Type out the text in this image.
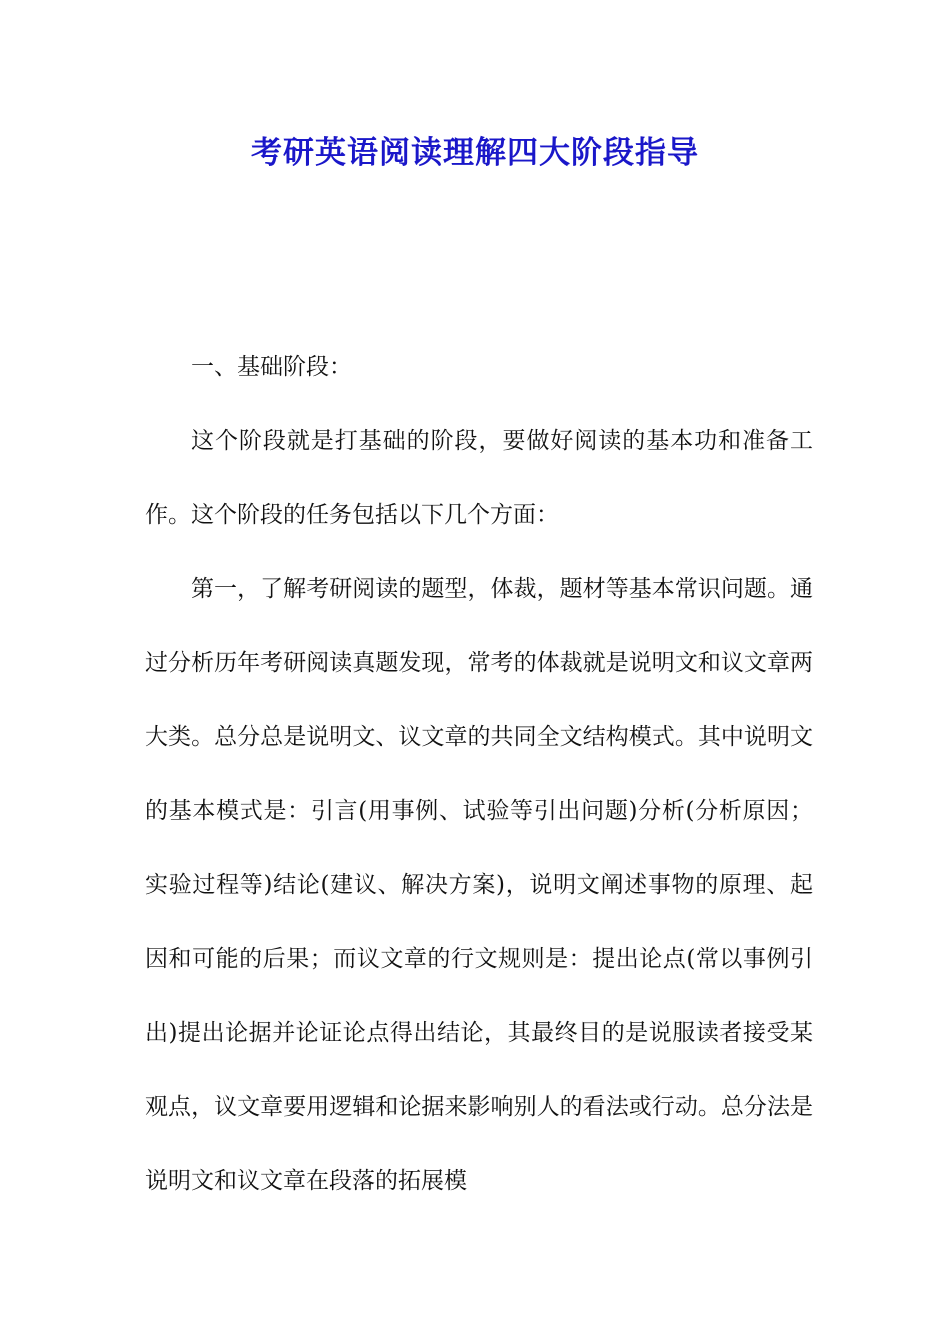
考研英语阅读理解四大阶段指导
一、基础阶段：

这个阶段就是打基础的阶段，要做好阅读的基本功和准备工作。这个阶段的任务包括以下几个方面：

第一，了解考研阅读的题型，体裁，题材等基本常识问题。通过分析历年考研阅读真题发现，常考的体裁就是说明文和议文章两大类。总分总是说明文、议文章的共同全文结构模式。其中说明文的基本模式是：引言(用事例、试验等引出问题)分析(分析原因；实验过程等)结论(建议、解决方案)，说明文阐述事物的原理、起因和可能的后果；而议文章的行文规则是：提出论点(常以事例引出)提出论据并论证论点得出结论，其最终目的是说服读者接受某观点，议文章要用逻辑和论据来影响别人的看法或行动。总分法是说明文和议文章在段落的拓展模
